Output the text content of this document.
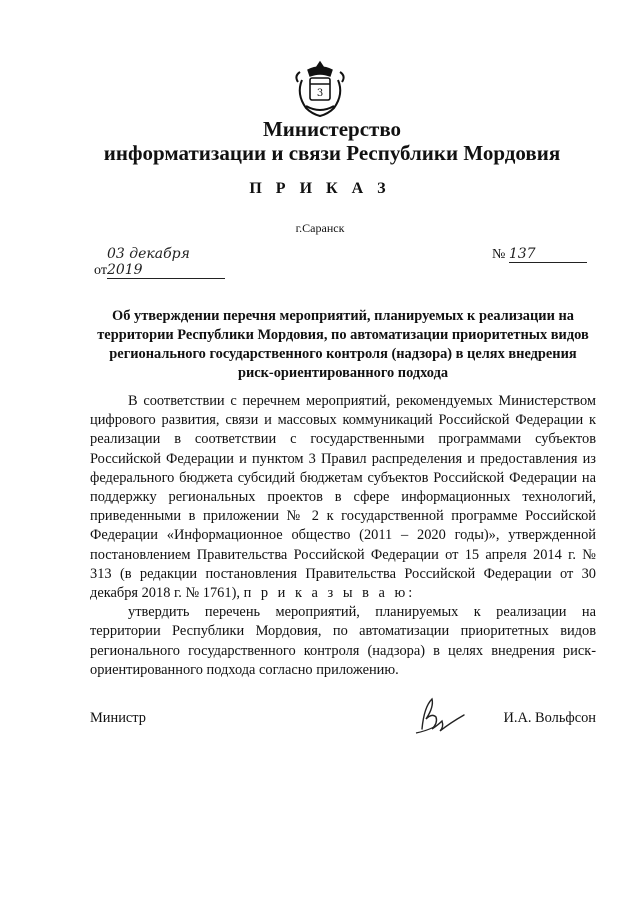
3
Министерство
информатизации и связи Республики Мордовия
П Р И К А З
г.Саранск
от03 декабря 2019
№ 137
Об утверждении перечня мероприятий, планируемых к реализации на территории Республики Мордовия, по автоматизации приоритетных видов регионального государственного контроля (надзора) в целях внедрения риск-ориентированного подхода

В соответствии с перечнем мероприятий, рекомендуемых Министерством цифрового развития, связи и массовых коммуникаций Российской Федерации к реализации в соответствии с государственными программами субъектов Российской Федерации и пунктом 3 Правил распределения и предоставления из федерального бюджета субсидий бюджетам субъектов Российской Федерации на поддержку региональных проектов в сфере информационных технологий, приведенными в приложении № 2 к государственной программе Российской Федерации «Информационное общество (2011 – 2020 годы)», утвержденной постановлением Правительства Российской Федерации от 15 апреля 2014 г. № 313 (в редакции постановления Правительства Российской Федерации от 30 декабря 2018 г. № 1761), п р и к а з ы в а ю:

утвердить перечень мероприятий, планируемых к реализации на территории Республики Мордовия, по автоматизации приоритетных видов регионального государственного контроля (надзора) в целях внедрения риск-ориентированного подхода согласно приложению.

Министр	И.А. Вольфсон
